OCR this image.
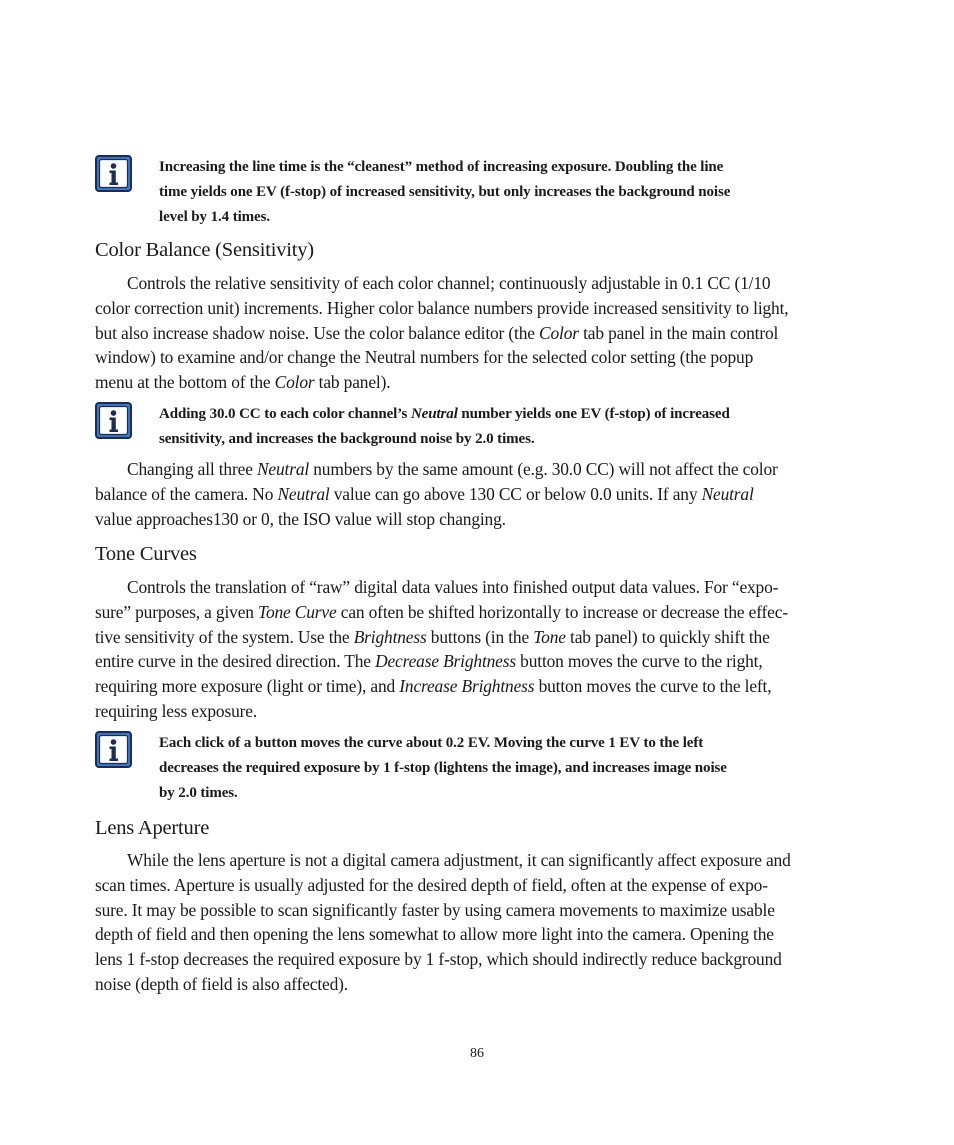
Increasing the line time is the “cleanest” method of increasing exposure. Doubling the line
time yields one EV (f-stop) of increased sensitivity, but only increases the background noise
level by 1.4 times.
Color Balance (Sensitivity)
Controls the relative sensitivity of each color channel; continuously adjustable in 0.1 CC (1/10
color correction unit) increments. Higher color balance numbers provide increased sensitivity to light,
but also increase shadow noise. Use the color balance editor (the Color tab panel in the main control
window) to examine and/or change the Neutral numbers for the selected color setting (the popup
menu at the bottom of the Color tab panel).
Adding 30.0 CC to each color channel’s Neutral number yields one EV (f-stop) of increased
sensitivity, and increases the background noise by 2.0 times.
Changing all three Neutral numbers by the same amount (e.g. 30.0 CC) will not affect the color
balance of the camera. No Neutral value can go above 130 CC or below 0.0 units. If any Neutral
value approaches130 or 0, the ISO value will stop changing.
Tone Curves
Controls the translation of “raw” digital data values into finished output data values. For “expo-
sure” purposes, a given Tone Curve can often be shifted horizontally to increase or decrease the effec-
tive sensitivity of the system. Use the Brightness buttons (in the Tone tab panel) to quickly shift the
entire curve in the desired direction. The Decrease Brightness button moves the curve to the right,
requiring more exposure (light or time), and Increase Brightness button moves the curve to the left,
requiring less exposure.
Each click of a button moves the curve about 0.2 EV. Moving the curve 1 EV to the left
decreases the required exposure by 1 f-stop (lightens the image), and increases image noise
by 2.0 times.
Lens Aperture
While the lens aperture is not a digital camera adjustment, it can significantly affect exposure and
scan times. Aperture is usually adjusted for the desired depth of field, often at the expense of expo-
sure. It may be possible to scan significantly faster by using camera movements to maximize usable
depth of field and then opening the lens somewhat to allow more light into the camera. Opening the
lens 1 f-stop decreases the required exposure by 1 f-stop, which should indirectly reduce background
noise (depth of field is also affected).
86
